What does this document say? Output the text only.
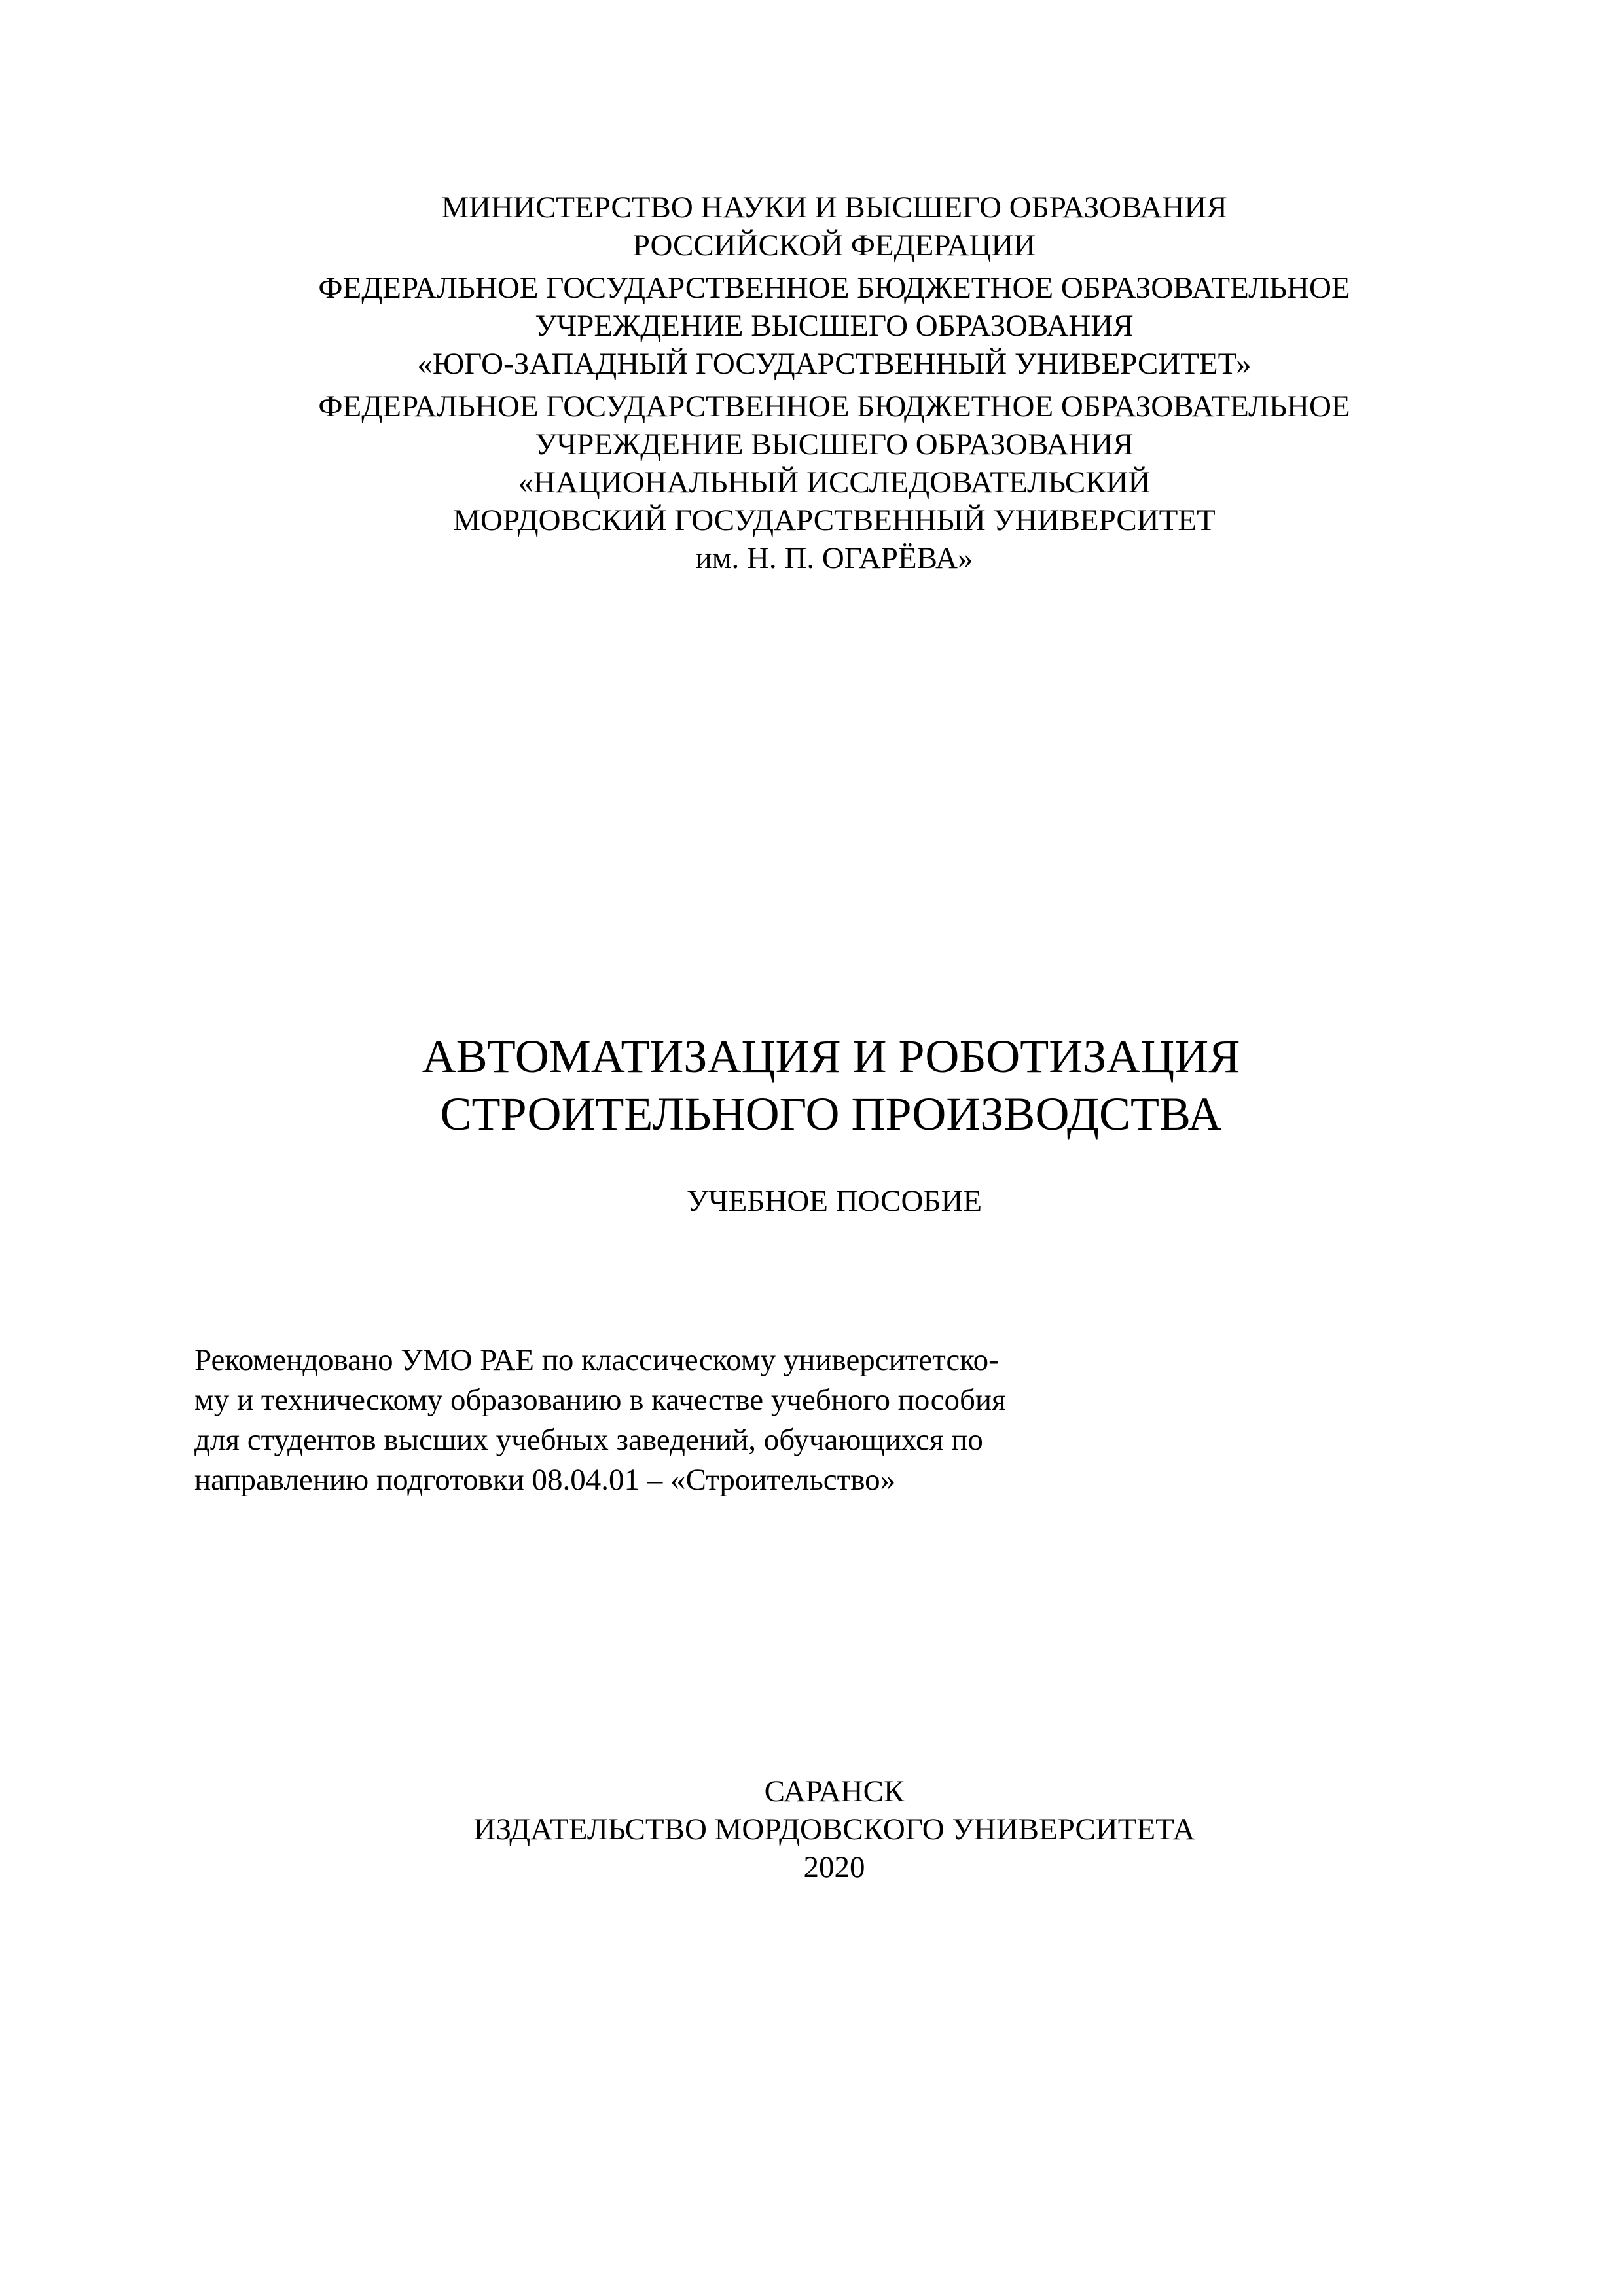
МИНИСТЕРСТВО НАУКИ И ВЫСШЕГО ОБРАЗОВАНИЯ
РОССИЙСКОЙ ФЕДЕРАЦИИ
ФЕДЕРАЛЬНОЕ ГОСУДАРСТВЕННОЕ БЮДЖЕТНОЕ ОБРАЗОВАТЕЛЬНОЕ
УЧРЕЖДЕНИЕ ВЫСШЕГО ОБРАЗОВАНИЯ
«ЮГО-ЗАПАДНЫЙ ГОСУДАРСТВЕННЫЙ УНИВЕРСИТЕТ»
ФЕДЕРАЛЬНОЕ ГОСУДАРСТВЕННОЕ БЮДЖЕТНОЕ ОБРАЗОВАТЕЛЬНОЕ
УЧРЕЖДЕНИЕ ВЫСШЕГО ОБРАЗОВАНИЯ
«НАЦИОНАЛЬНЫЙ ИССЛЕДОВАТЕЛЬСКИЙ
МОРДОВСКИЙ ГОСУДАРСТВЕННЫЙ УНИВЕРСИТЕТ
им. Н. П. ОГАРЁВА»
АВТОМАТИЗАЦИЯ И РОБОТИЗАЦИЯ
СТРОИТЕЛЬНОГО ПРОИЗВОДСТВА
УЧЕБНОЕ ПОСОБИЕ
Рекомендовано УМО РАЕ по классическому университетско-
му и техническому образованию в качестве учебного пособия
для студентов высших учебных заведений, обучающихся по
направлению подготовки 08.04.01 – «Строительство»
САРАНСК
ИЗДАТЕЛЬСТВО МОРДОВСКОГО УНИВЕРСИТЕТА
2020
